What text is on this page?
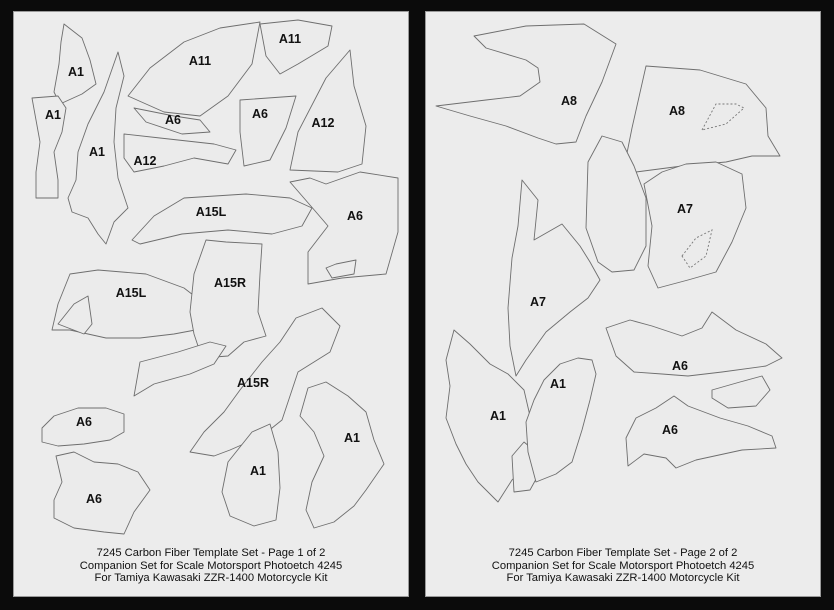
A1
A1
A1
A11
A11
A6	A6
A12
A12
A6
A15L
A15R
A15R
A15L
A6
A6
A1
A1
7245 Carbon Fiber Template Set - Page 1 of 2
Companion Set for Scale Motorsport Photoetch 4245
For Tamiya Kawasaki ZZR-1400 Motorcycle Kit
A8
A8
A7
A7
A6
A1
A1
A6
7245 Carbon Fiber Template Set - Page 2 of 2
Companion Set for Scale Motorsport Photoetch 4245
For Tamiya Kawasaki ZZR-1400 Motorcycle Kit
